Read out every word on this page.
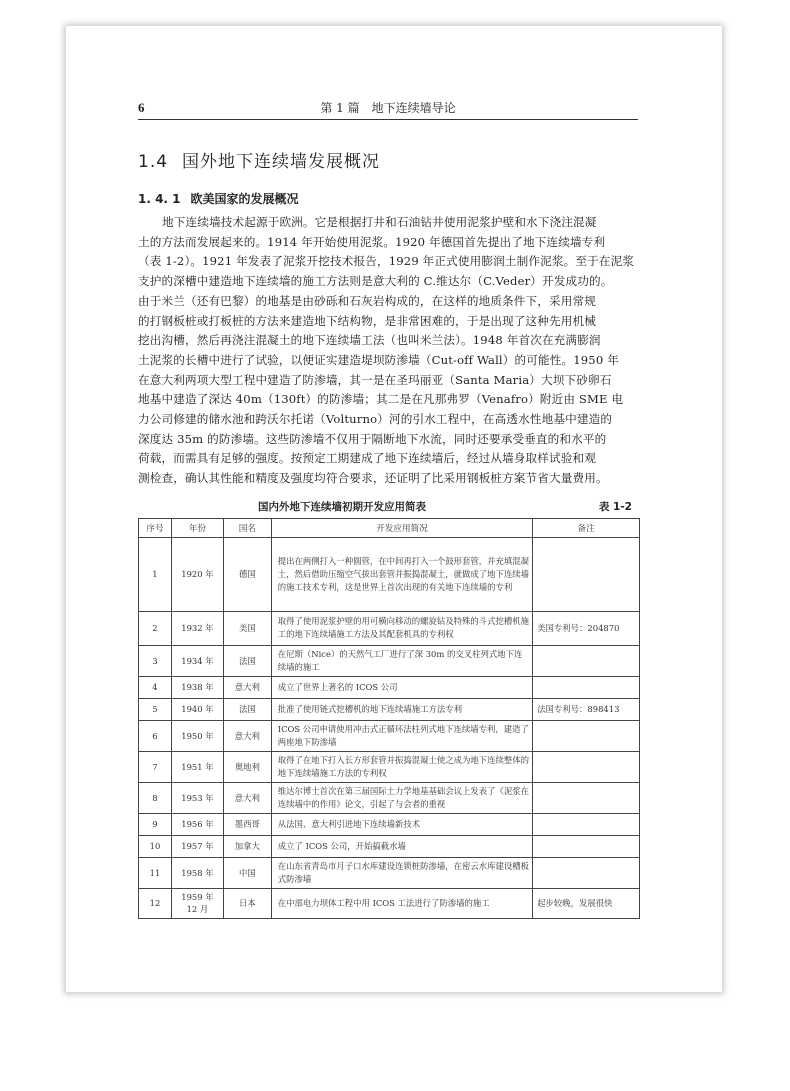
6	第 1 篇　地下连续墙导论
1.4 国外地下连续墙发展概况
1. 4. 1 欧美国家的发展概况
地下连续墙技术起源于欧洲。它是根据打井和石油钻井使用泥浆护壁和水下浇注混凝
土的方法而发展起来的。1914 年开始使用泥浆。1920 年德国首先提出了地下连续墙专利
（表 1-2）。1921 年发表了泥浆开挖技术报告，1929 年正式使用膨润土制作泥浆。至于在泥浆
支护的深槽中建造地下连续墙的施工方法则是意大利的 C.维达尔（C.Veder）开发成功的。
由于米兰（还有巴黎）的地基是由砂砾和石灰岩构成的，在这样的地质条件下，采用常规
的打钢板桩或打板桩的方法来建造地下结构物，是非常困难的，于是出现了这种先用机械
挖出沟槽，然后再浇注混凝土的地下连续墙工法（也叫米兰法）。1948 年首次在充满膨润
土泥浆的长槽中进行了试验，以便证实建造堤坝防渗墙（Cut-off Wall）的可能性。1950 年
在意大利两项大型工程中建造了防渗墙，其一是在圣玛丽亚（Santa Maria）大坝下砂卵石
地基中建造了深达 40m（130ft）的防渗墙；其二是在凡那弗罗（Venafro）附近由 SME 电
力公司修建的储水池和跨沃尔托诺（Volturno）河的引水工程中，在高透水性地基中建造的
深度达 35m 的防渗墙。这些防渗墙不仅用于隔断地下水流，同时还要承受垂直的和水平的
荷载，而需具有足够的强度。按预定工期建成了地下连续墙后，经过从墙身取样试验和观
测检查，确认其性能和精度及强度均符合要求，还证明了比采用钢板桩方案节省大量费用。
国内外地下连续墙初期开发应用简表	表 1-2
序号	年份	国名	开发应用简况	备注
1	1920 年	德国	提出在两侧打入一种圆管，在中间再打入一个鼓形套管，并充填混凝土，然后借助压缩空气拔出套管并振捣混凝土，就做成了地下连续墙的施工技术专利，这是世界上首次出现的有关地下连续墙的专利	
2	1932 年	美国	取得了使用泥浆护壁的用可横向移动的螺旋钻及特殊的斗式挖槽机施工的地下连续墙施工方法及其配套机具的专利权	美国专利号：204870
3	1934 年	法国	在尼斯（Nice）的天然气工厂进行了深 30m 的交叉柱列式地下连续墙的施工	
4	1938 年	意大利	成立了世界上著名的 ICOS 公司	
5	1940 年	法国	批准了使用链式挖槽机的地下连续墙施工方法专利	法国专利号：898413
6	1950 年	意大利	ICOS 公司申请使用冲击式正循环法柱列式地下连续墙专利，建造了两座地下防渗墙	
7	1951 年	奥地利	取得了在地下打入长方形套管并振捣混凝土使之成为地下连续整体的地下连续墙施工方法的专利权	
8	1953 年	意大利	维达尔博士首次在第三届国际土力学地基基础会议上发表了《泥浆在连续墙中的作用》论文，引起了与会者的重视	
9	1956 年	墨西哥	从法国、意大利引进地下连续墙新技术	
10	1957 年	加拿大	成立了 ICOS 公司，开始搞截水墙	
11	1958 年	中国	在山东省青岛市月子口水库建设连锁桩防渗墙，在密云水库建设槽板式防渗墙	
12	1959 年 12 月	日本	在中部电力坝体工程中用 ICOS 工法进行了防渗墙的施工	起步较晚，发展很快
